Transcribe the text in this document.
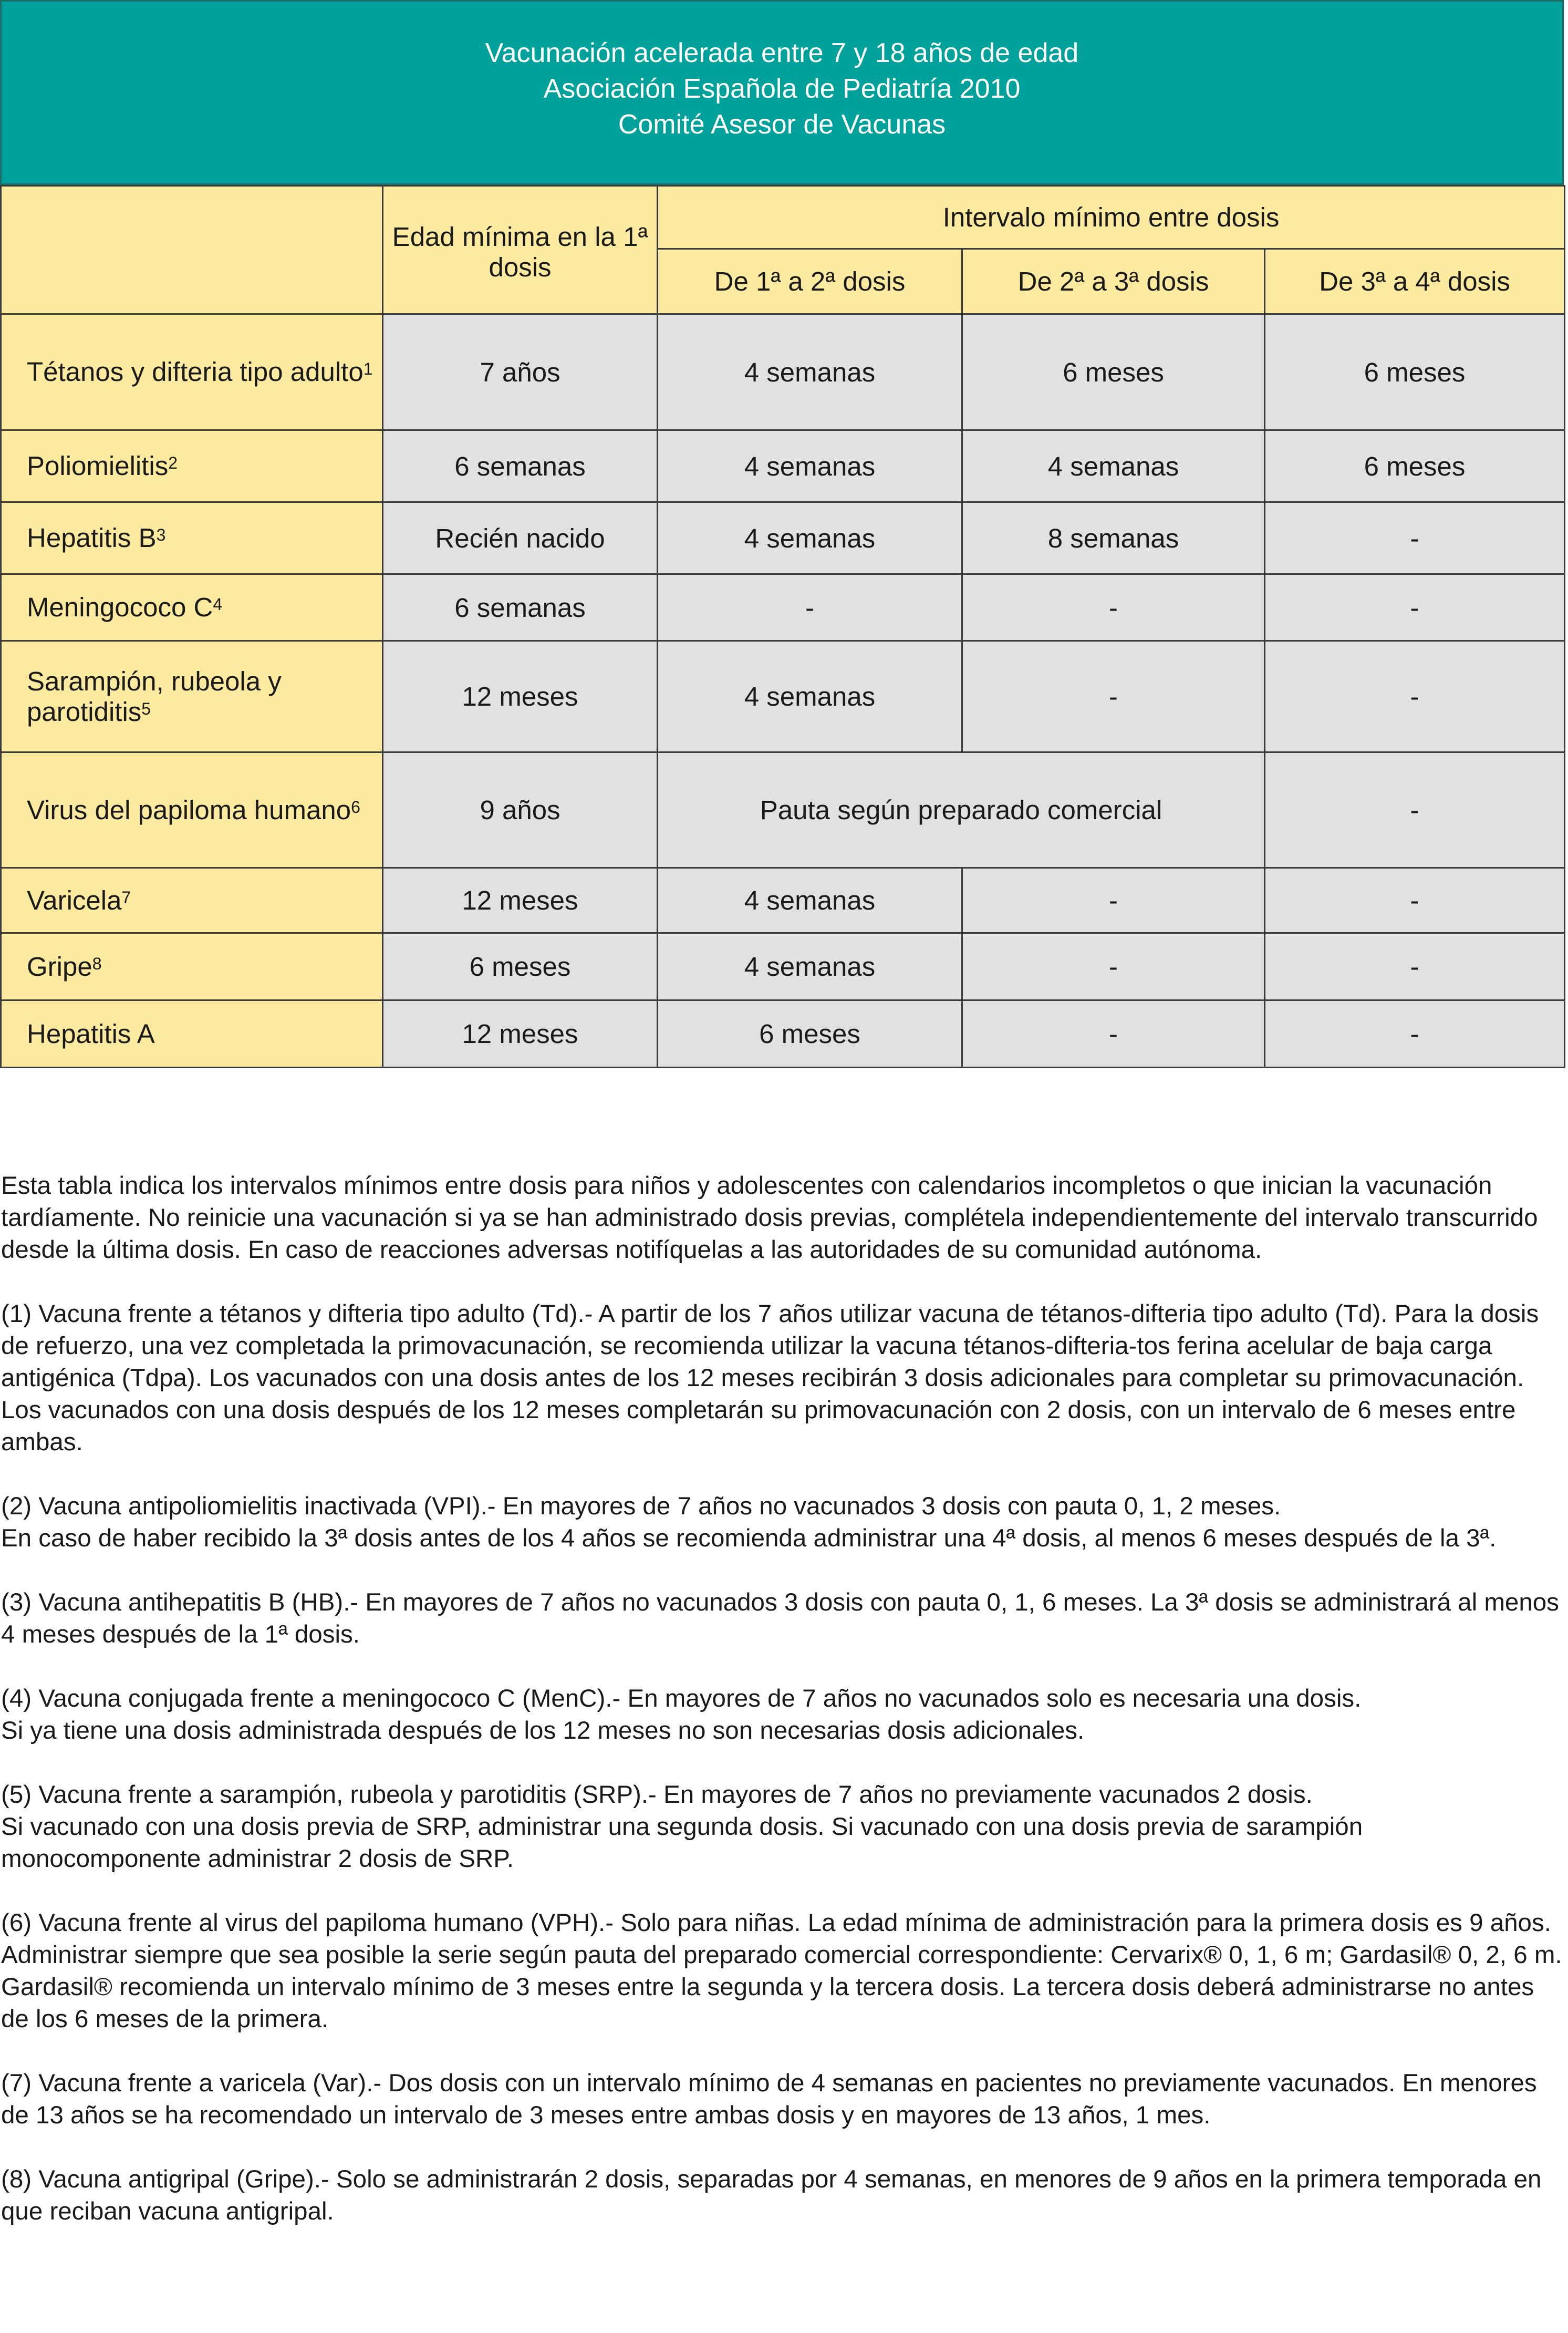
Vacunación acelerada entre 7 y 18 años de edad
Asociación Española de Pediatría 2010
Comité Asesor de Vacunas
	Edad mínima en la 1ª dosis	Intervalo mínimo entre dosis		
		De 1ª a 2ª dosis	De 2ª a 3ª dosis	De 3ª a 4ª dosis
Tétanos y difteria tipo adulto$^1$	7 años	4 semanas	6 meses	6 meses
Poliomielitis$^2$	6 semanas	4 semanas	4 semanas	6 meses
Hepatitis $B^3$	Recién nacido	4 semanas	8 semanas	-
Meningococo $C^4$	6 semanas	-	-	-
Sarampión, rubeola y parotiditis$^5$	12 meses	4 semanas	-	-
Virus del papiloma humano$^6$	9 años	Pauta según preparado comercial		-
Varicela$^7$	12 meses	4 semanas	-	-
Gripe$^8$	6 meses	4 semanas	-	-
Hepatitis A	12 meses	6 meses	-	-

Esta tabla indica los intervalos mínimos entre dosis para niños y adolescentes con calendarios incompletos o que inician la vacunación tardíamente. No reinicie una vacunación si ya se han administrado dosis previas, complétela independientemente del intervalo transcurrido desde la última dosis. En caso de reacciones adversas notifíquelas a las autoridades de su comunidad autónoma.

(1) Vacuna frente a tétanos y difteria tipo adulto (Td).- A partir de los 7 años utilizar vacuna de tétanos-difteria tipo adulto (Td). Para la dosis de refuerzo, una vez completada la primovacunación, se recomienda utilizar la vacuna tétanos-difteria-tos ferina acelular de baja carga antigénica (Tdpa). Los vacunados con una dosis antes de los 12 meses recibirán 3 dosis adicionales para completar su primovacunación. Los vacunados con una dosis después de los 12 meses completarán su primovacunación con 2 dosis, con un intervalo de 6 meses entre ambas.

(2) Vacuna antipoliomielitis inactivada (VPI).- En mayores de 7 años no vacunados 3 dosis con pauta 0, 1, 2 meses.
En caso de haber recibido la 3ª dosis antes de los 4 años se recomienda administrar una 4ª dosis, al menos 6 meses después de la 3ª.

(3) Vacuna antihepatitis B (HB).- En mayores de 7 años no vacunados 3 dosis con pauta 0, 1, 6 meses. La 3ª dosis se administrará al menos 4 meses después de la 1ª dosis.

(4) Vacuna conjugada frente a meningococo C (MenC).- En mayores de 7 años no vacunados solo es necesaria una dosis.
Si ya tiene una dosis administrada después de los 12 meses no son necesarias dosis adicionales.

(5) Vacuna frente a sarampión, rubeola y parotiditis (SRP).- En mayores de 7 años no previamente vacunados 2 dosis.
Si vacunado con una dosis previa de SRP, administrar una segunda dosis. Si vacunado con una dosis previa de sarampión monocomponente administrar 2 dosis de SRP.

(6) Vacuna frente al virus del papiloma humano (VPH).- Solo para niñas. La edad mínima de administración para la primera dosis es 9 años. Administrar siempre que sea posible la serie según pauta del preparado comercial correspondiente: Cervarix® 0, 1, 6 m; Gardasil® 0, 2, 6 m. Gardasil® recomienda un intervalo mínimo de 3 meses entre la segunda y la tercera dosis. La tercera dosis deberá administrarse no antes de los 6 meses de la primera.

(7) Vacuna frente a varicela (Var).- Dos dosis con un intervalo mínimo de 4 semanas en pacientes no previamente vacunados. En menores de 13 años se ha recomendado un intervalo de 3 meses entre ambas dosis y en mayores de 13 años, 1 mes.

(8) Vacuna antigripal (Gripe).- Solo se administrarán 2 dosis, separadas por 4 semanas, en menores de 9 años en la primera temporada en que reciban vacuna antigripal.
